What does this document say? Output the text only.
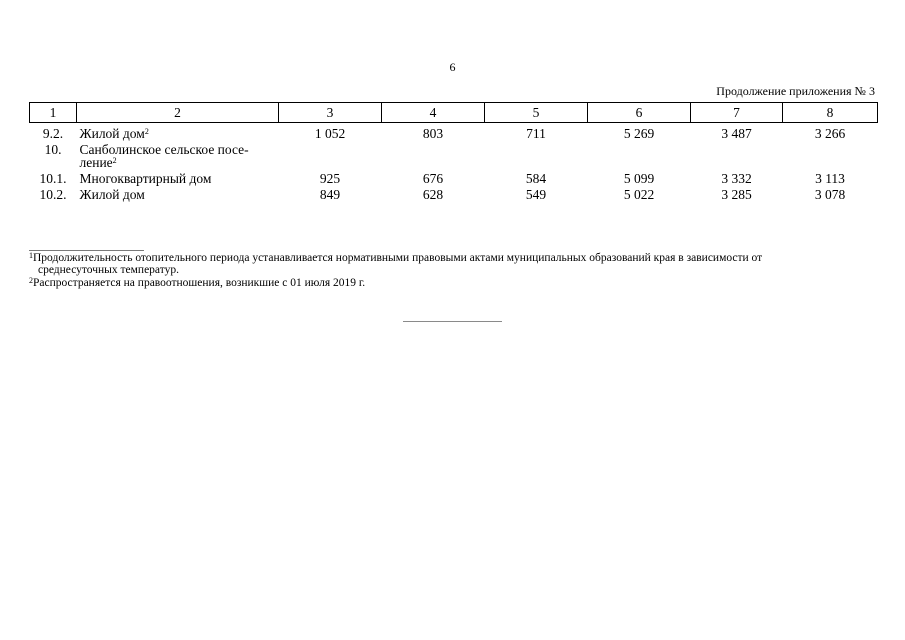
6
Продолжение приложения № 3
1	2	3	4	5	6	7	8
9.2.	Жилой дом$^2$	1 052	803	711	5 269	3 487	3 266
10.	Санболинское сельское посе-
ление$^2$						
10.1.	Многоквартирный дом	925	676	584	5 099	3 332	3 113
10.2.	Жилой дом	849	628	549	5 022	3 285	3 078
$^1$Продолжительность отопительного периода устанавливается нормативными правовыми актами муниципальных образований края в зависимости от
среднесуточных температур.
$^2$Распространяется на правоотношения, возникшие с 01 июля 2019 г.
